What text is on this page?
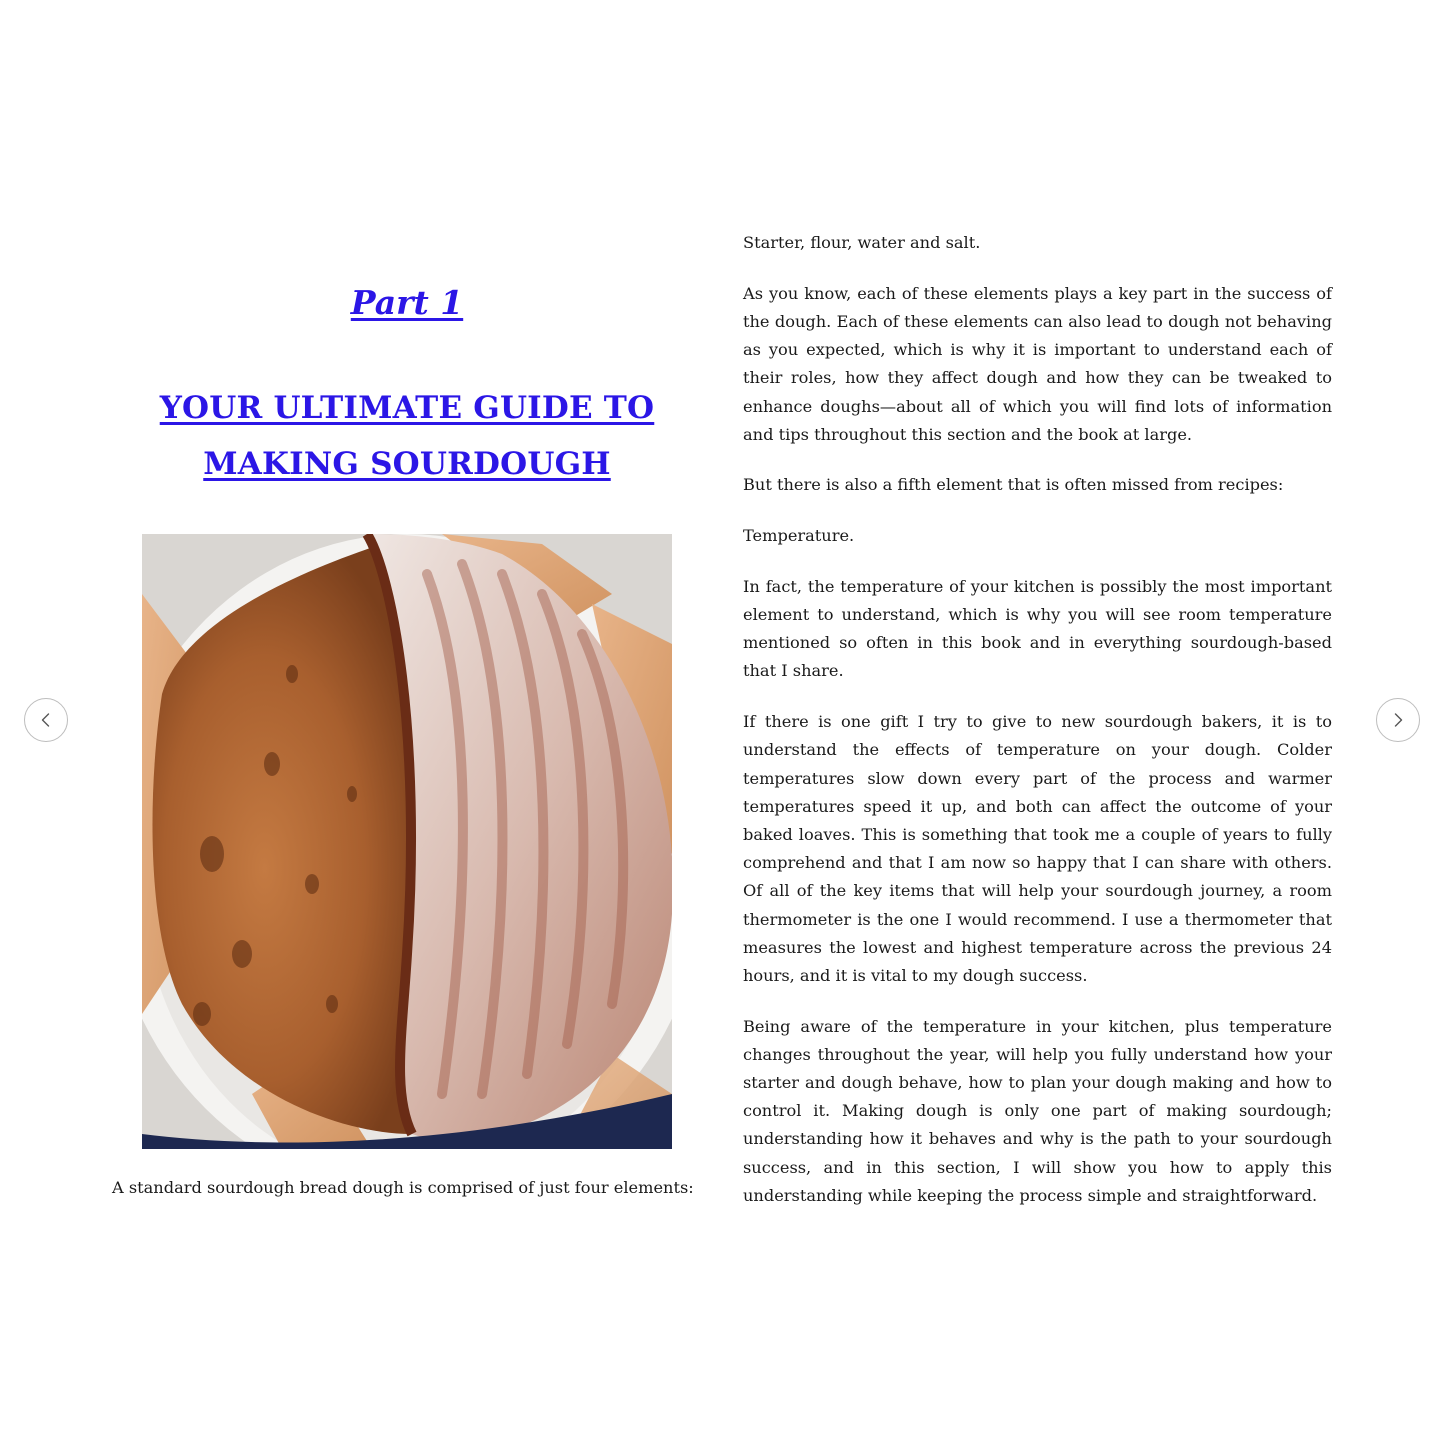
Part 1
YOUR ULTIMATE GUIDE TO
MAKING SOURDOUGH

A standard sourdough bread dough is comprised of just four elements:

Starter, flour, water and salt.

As you know, each of these elements plays a key part in the success of the dough. Each of these elements can also lead to dough not behaving as you expected, which is why it is important to understand each of their roles, how they affect dough and how they can be tweaked to enhance doughs—about all of which you will find lots of information and tips throughout this section and the book at large.

But there is also a fifth element that is often missed from recipes:

Temperature.

In fact, the temperature of your kitchen is possibly the most important element to understand, which is why you will see room temperature mentioned so often in this book and in everything sourdough-based that I share.

If there is one gift I try to give to new sourdough bakers, it is to understand the effects of temperature on your dough. Colder temperatures slow down every part of the process and warmer temperatures speed it up, and both can affect the outcome of your baked loaves. This is something that took me a couple of years to fully comprehend and that I am now so happy that I can share with others. Of all of the key items that will help your sourdough journey, a room thermometer is the one I would recommend. I use a thermometer that measures the lowest and highest temperature across the previous 24 hours, and it is vital to my dough success.

Being aware of the temperature in your kitchen, plus temperature changes throughout the year, will help you fully understand how your starter and dough behave, how to plan your dough making and how to control it. Making dough is only one part of making sourdough; understanding how it behaves and why is the path to your sourdough success, and in this section, I will show you how to apply this understanding while keeping the process simple and straightforward.
